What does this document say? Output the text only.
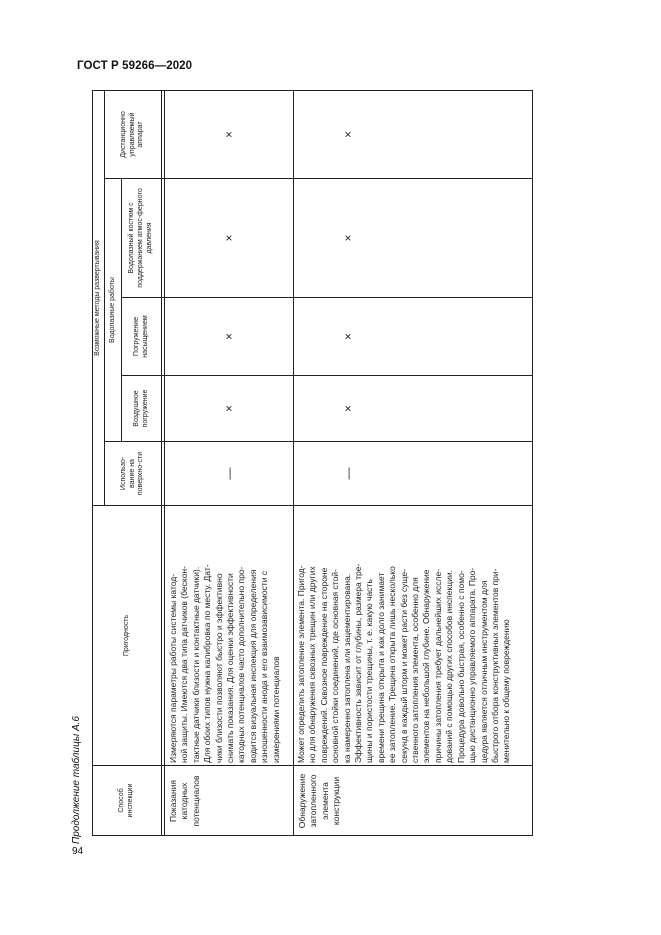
ГОСТ Р 59266—2020
94
Продолжение таблицы А.6	Способ инспекции
Пригодность
Возможные методы развертывания
Использо-вание на поверхно-сти
Водолазные работы
Воздушное погружение
Погружение насыщением
Водолазный костюм с поддержанием атмос-ферного давления
Дистанционно управляемый аппарат
Показания катодных потенциалов
Измеряются параметры работы системы катод- ной защиты. Имеются два типа датчиков (бескон- тактные датчики близости и контактные датчики). Для обоих типов нужна калибровка по месту. Дат- чики близости позволяют быстро и эффективно снимать показания. Для оценки эффективности катодных потенциалов часто дополнительно про- водится визуальная инспекция для определения изношенности анода и его взаимозависимости с измерениями потенциалов
—
×
×
×
×
Обнаружение затопленного элемента конструкции
Может определить затопление элемента. Пригод- но для обнаружения сквозных трещин или других повреждений. Сквозное повреждение на стороне основной стойки соединений, где основная стой- ка намеренно затоплена или зацементирована. Эффективность зависит от глубины, размера тре- щины и пористости трещины, т. е. какую часть времени трещина открыта и как долго занимает ее затопление. Трещина открыта лишь несколько секунд в каждый шторм и может расти без суще- ственного затопления элемента, особенно для элементов на небольшой глубине. Обнаружение причины затопления требует дальнейших иссле- дований с помощью других способов инспекции. Процедура довольно быстрая, особенно с помо- щью дистанционно управляемого аппарата. Про- цедура является отличным инструментом для быстрого отбора конструктивных элементов при- менительно к общему повреждению
—
×
×
×
×
